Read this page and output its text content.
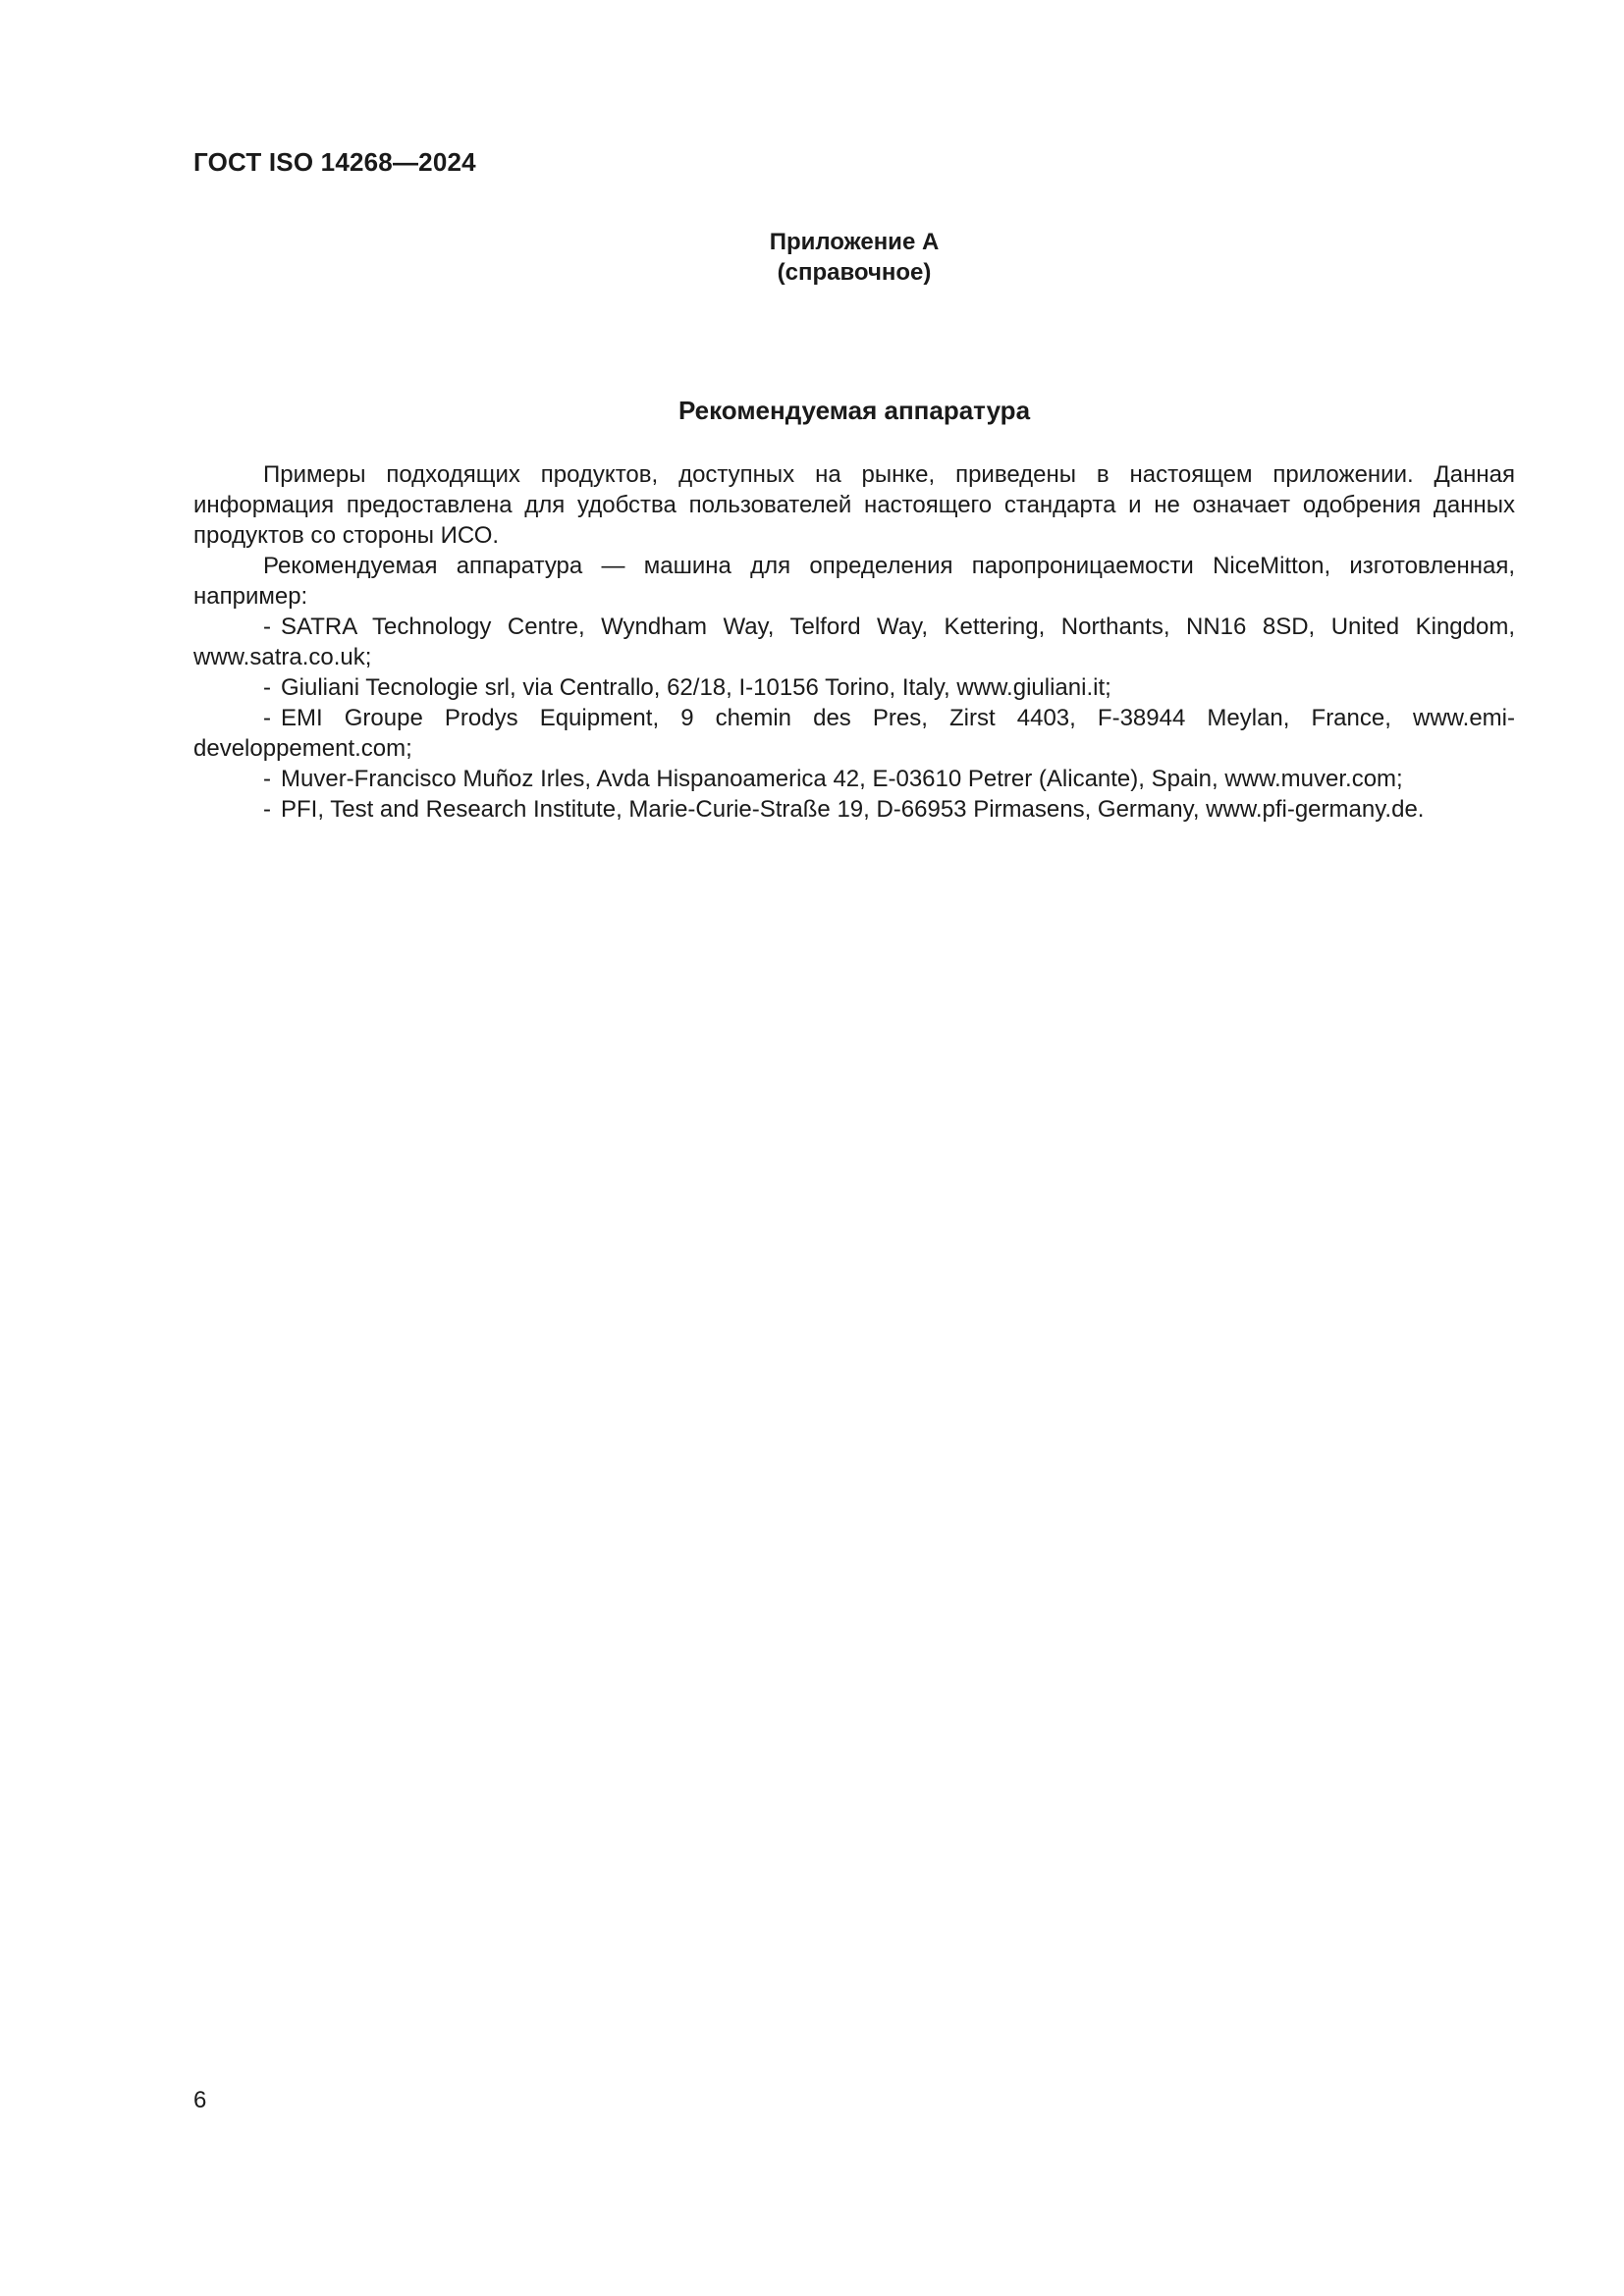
ГОСТ ISO 14268—2024
Приложение А
(справочное)
Рекомендуемая аппаратура

Примеры подходящих продуктов, доступных на рынке, приведены в настоящем приложении. Данная информация предоставлена для удобства пользователей настоящего стандарта и не означает одобрения данных продуктов со стороны ИСО.

Рекомендуемая аппаратура — машина для определения паропроницаемости NiceMitton, изготовленная, например:

- SATRA Technology Centre, Wyndham Way, Telford Way, Kettering, Northants, NN16 8SD, United Kingdom, www.satra.co.uk;
- Giuliani Tecnologie srl, via Centrallo, 62/18, I-10156 Torino, Italy, www.giuliani.it;
- EMI Groupe Prodys Equipment, 9 chemin des Pres, Zirst 4403, F-38944 Meylan, France, www.emi-developpement.com;
- Muver-Francisco Muñoz Irles, Avda Hispanoamerica 42, E-03610 Petrer (Alicante), Spain, www.muver.com;
- PFI, Test and Research Institute, Marie-Curie-Straße 19, D-66953 Pirmasens, Germany, www.pfi-germany.de.
6
